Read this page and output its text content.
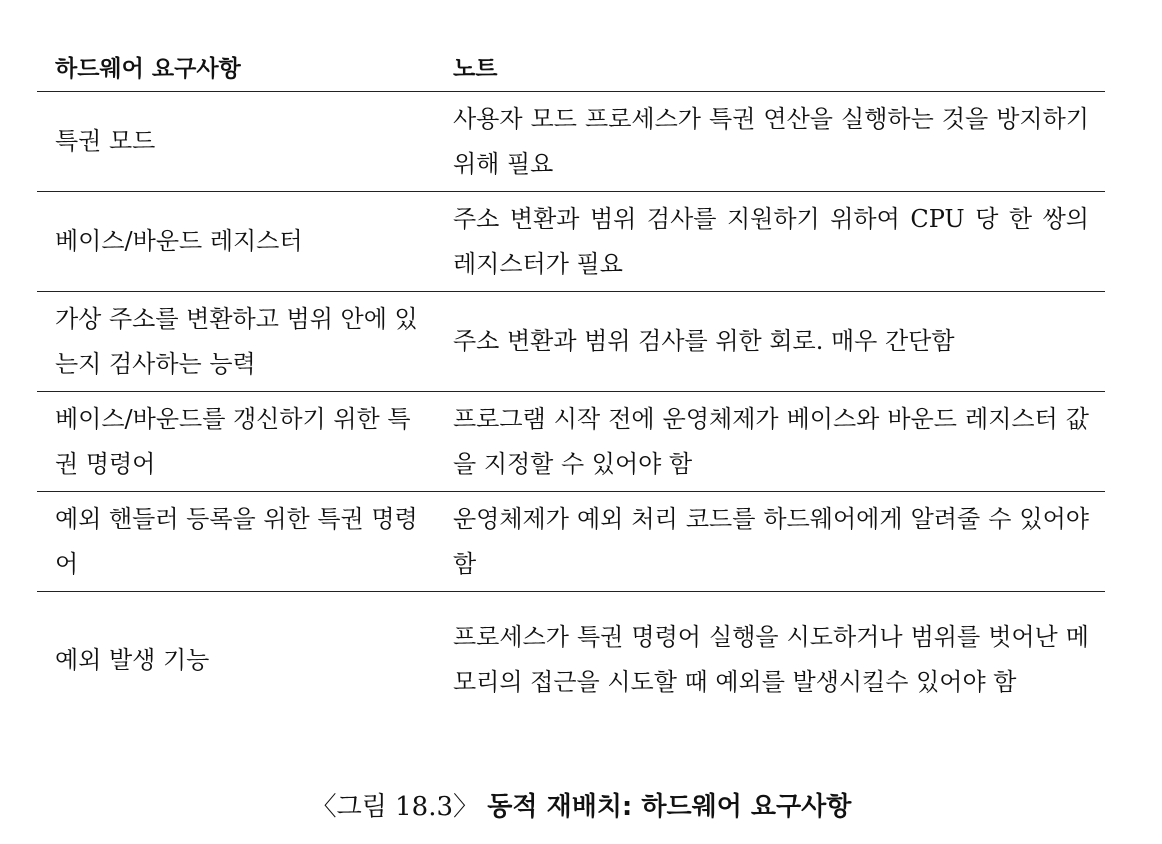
하드웨어 요구사항	노트
특권 모드	사용자 모드 프로세스가 특권 연산을 실행하는 것을 방지하기 위해 필요
베이스/바운드 레지스터	주소 변환과 범위 검사를 지원하기 위하여 CPU 당 한 쌍의 레지스터가 필요
가상 주소를 변환하고 범위 안에 있는지 검사하는 능력	주소 변환과 범위 검사를 위한 회로. 매우 간단함
베이스/바운드를 갱신하기 위한 특권 명령어	프로그램 시작 전에 운영체제가 베이스와 바운드 레지스터 값을 지정할 수 있어야 함
예외 핸들러 등록을 위한 특권 명령어	운영체제가 예외 처리 코드를 하드웨어에게 알려줄 수 있어야 함
예외 발생 기능	프로세스가 특권 명령어 실행을 시도하거나 범위를 벗어난 메모리의 접근을 시도할 때 예외를 발생시킬수 있어야 함
〈그림 18.3〉 동적 재배치: 하드웨어 요구사항
